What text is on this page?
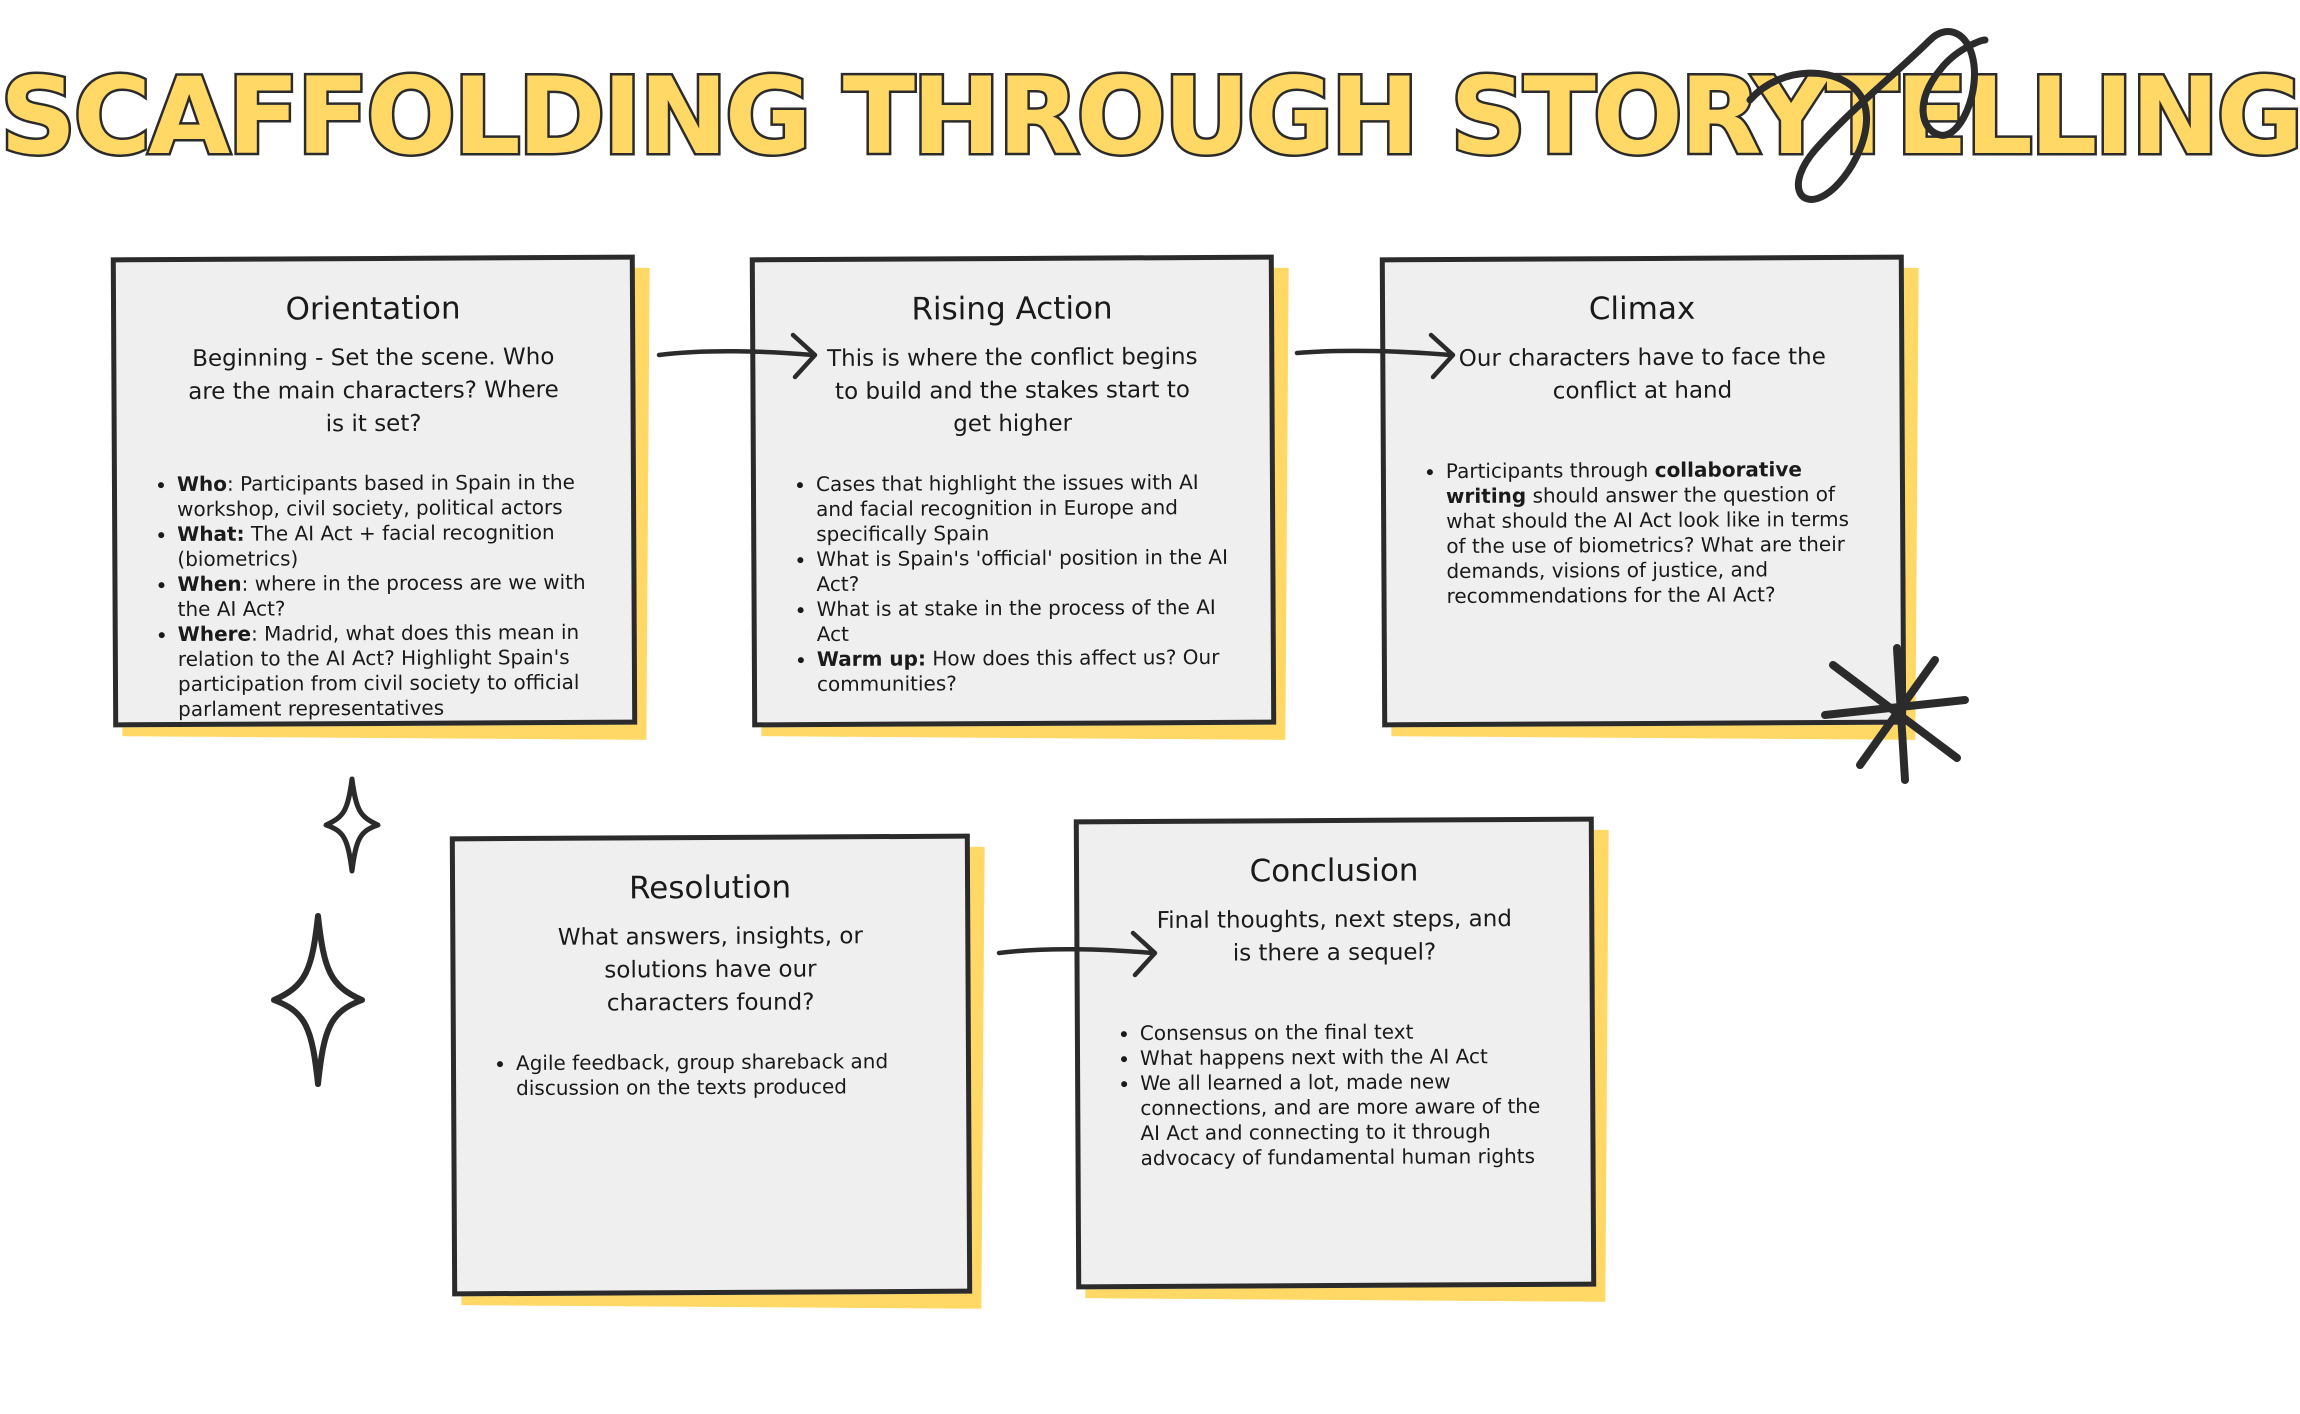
SCAFFOLDING THROUGH STORYTELLING
Orientation

Beginning - Set the scene. Who are the main characters? Where is it set?

• Who: Participants based in Spain in the workshop, civil society, political actors
• What: The AI Act + facial recognition (biometrics)
• When: where in the process are we with the AI Act?
• Where: Madrid, what does this mean in relation to the AI Act? Highlight Spain's participation from civil society to official parlament representatives
Rising Action

This is where the conflict begins to build and the stakes start to get higher

• Cases that highlight the issues with AI and facial recognition in Europe and specifically Spain
• What is Spain's 'official' position in the AI Act?
• What is at stake in the process of the AI Act
• Warm up: How does this affect us? Our communities?
Climax

Our characters have to face the conflict at hand

• Participants through collaborative writing should answer the question of what should the AI Act look like in terms of the use of biometrics? What are their demands, visions of justice, and recommendations for the AI Act?
Resolution

What answers, insights, or solutions have our characters found?

• Agile feedback, group shareback and discussion on the texts produced
Conclusion

Final thoughts, next steps, and is there a sequel?

• Consensus on the final text
• What happens next with the AI Act
• We all learned a lot, made new connections, and are more aware of the AI Act and connecting to it through advocacy of fundamental human rights
